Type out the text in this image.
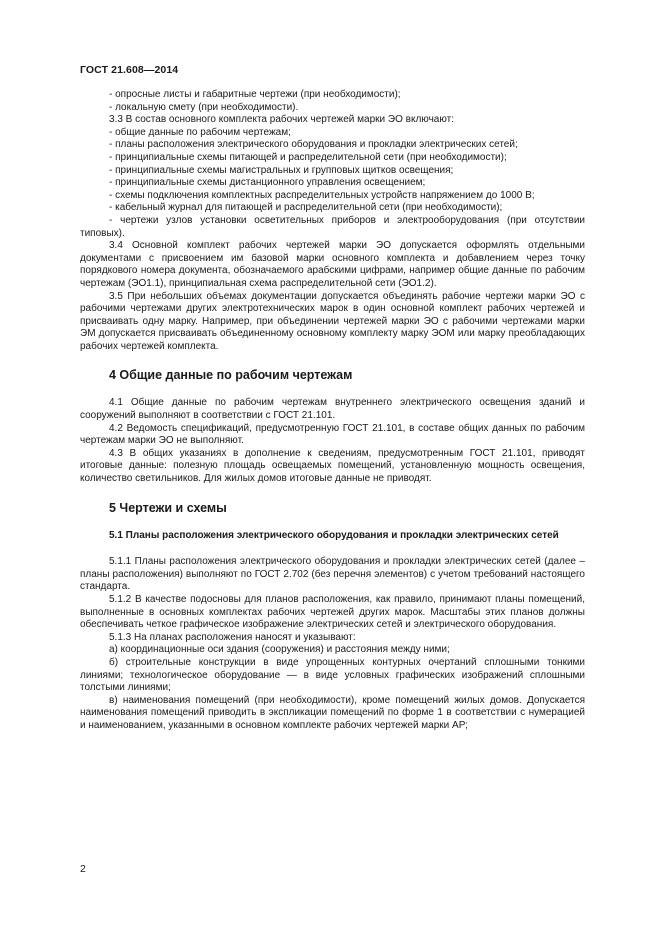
ГОСТ 21.608—2014

- опросные листы и габаритные чертежи (при необходимости);

- локальную смету (при необходимости).

3.3 В состав основного комплекта рабочих чертежей марки ЭО включают:

- общие данные по рабочим чертежам;

- планы расположения электрического оборудования и прокладки электрических сетей;

- принципиальные схемы питающей и распределительной сети (при необходимости);

- принципиальные схемы магистральных и групповых щитков освещения;

- принципиальные схемы дистанционного управления освещением;

- схемы подключения комплектных распределительных устройств напряжением до 1000 В;

- кабельный журнал для питающей и распределительной сети (при необходимости);

- чертежи узлов установки осветительных приборов и электрооборудования (при отсутствии типовых).

3.4 Основной комплект рабочих чертежей марки ЭО допускается оформлять отдельными документами с присвоением им базовой марки основного комплекта и добавлением через точку порядкового номера документа, обозначаемого арабскими цифрами, например общие данные по рабочим чертежам (ЭО1.1), принципиальная схема распределительной сети (ЭО1.2).

3.5 При небольших объемах документации допускается объединять рабочие чертежи марки ЭО с рабочими чертежами других электротехнических марок в один основной комплект рабочих чертежей и присваивать одну марку. Например, при объединении чертежей марки ЭО с рабочими чертежами марки ЭМ допускается присваивать объединенному основному комплекту марку ЭОМ или марку преобладающих рабочих чертежей комплекта.

4 Общие данные по рабочим чертежам

4.1 Общие данные по рабочим чертежам внутреннего электрического освещения зданий и сооружений выполняют в соответствии с ГОСТ 21.101.

4.2 Ведомость спецификаций, предусмотренную ГОСТ 21.101, в составе общих данных по рабочим чертежам марки ЭО не выполняют.

4.3 В общих указаниях в дополнение к сведениям, предусмотренным ГОСТ 21.101, приводят итоговые данные: полезную площадь освещаемых помещений, установленную мощность освещения, количество светильников. Для жилых домов итоговые данные не приводят.

5 Чертежи и схемы
5.1 Планы расположения электрического оборудования и прокладки электрических сетей

5.1.1 Планы расположения электрического оборудования и прокладки электрических сетей (далее – планы расположения) выполняют по ГОСТ 2.702 (без перечня элементов) с учетом требований настоящего стандарта.

5.1.2 В качестве подосновы для планов расположения, как правило, принимают планы помещений, выполненные в основных комплектах рабочих чертежей других марок. Масштабы этих планов должны обеспечивать четкое графическое изображение электрических сетей и электрического оборудования.

5.1.3 На планах расположения наносят и указывают:

а) координационные оси здания (сооружения) и расстояния между ними;

б) строительные конструкции в виде упрощенных контурных очертаний сплошными тонкими линиями; технологическое оборудование — в виде условных графических изображений сплошными толстыми линиями;

в) наименования помещений (при необходимости), кроме помещений жилых домов. Допускается наименования помещений приводить в экспликации помещений по форме 1 в соответствии с нумерацией и наименованием, указанными в основном комплекте рабочих чертежей марки АР;

2
